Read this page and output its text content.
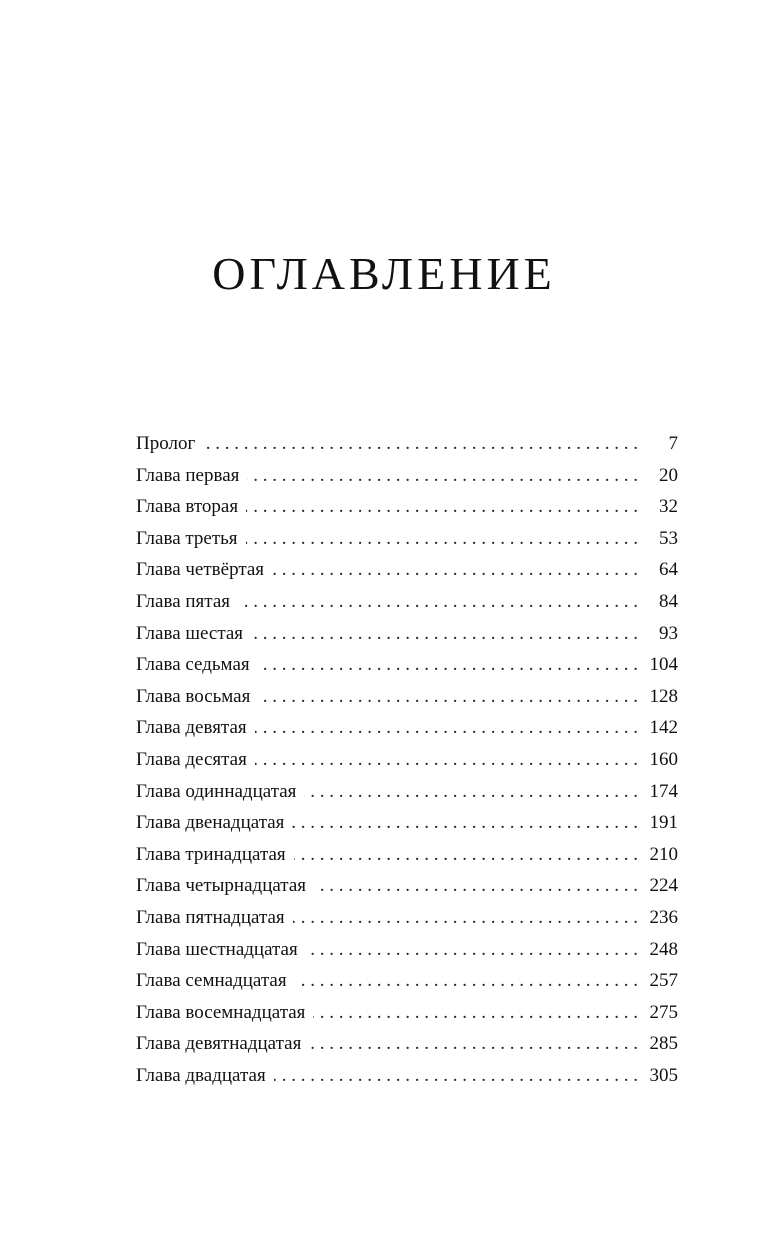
ОГЛАВЛЕНИЕ
Пролог . . .	7
Глава первая . . .	20
Глава вторая . . .	32
Глава третья . . .	53
Глава четвёртая . . .	64
Глава пятая . . .	84
Глава шестая . . .	93
Глава седьмая . . .	104
Глава восьмая . . .	128
Глава девятая . . .	142
Глава десятая . . .	160
Глава одиннадцатая . . .	174
Глава двенадцатая . . .	191
Глава тринадцатая . . .	210
Глава четырнадцатая . . .	224
Глава пятнадцатая . . .	236
Глава шестнадцатая . . .	248
Глава семнадцатая . . .	257
Глава восемнадцатая . . .	275
Глава девятнадцатая . . .	285
Глава двадцатая . . .	305
